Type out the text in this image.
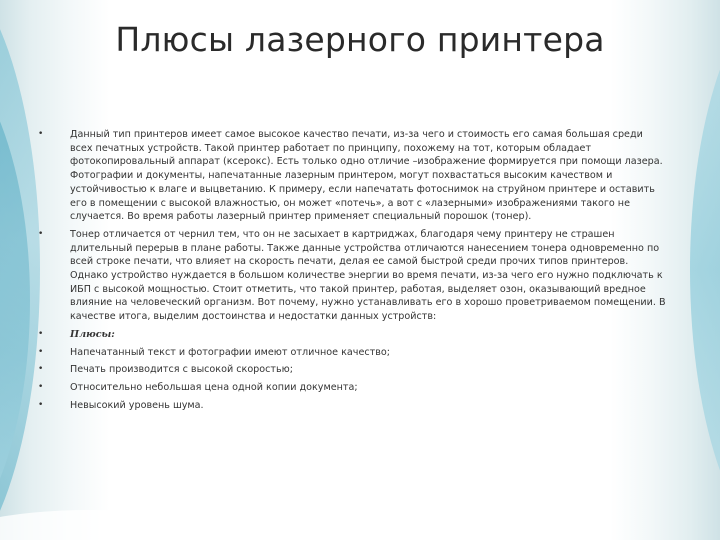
Плюсы лазерного принтера
•	Данный тип принтеров имеет самое высокое качество печати, из-за чего и стоимость его самая большая среди всех печатных устройств. Такой принтер работает по принципу, похожему на тот, которым обладает фотокопировальный аппарат (ксерокс). Есть только одно отличие –изображение формируется при помощи лазера. Фотографии и документы, напечатанные лазерным принтером, могут похвастаться высоким качеством и устойчивостью к влаге и выцветанию. К примеру, если напечатать фотоснимок на струйном принтере и оставить его в помещении с высокой влажностью, он может «потечь», а вот с «лазерными» изображениями такого не случается. Во время работы лазерный принтер применяет специальный порошок (тонер).
•	Тонер отличается от чернил тем, что он не засыхает в картриджах, благодаря чему принтеру не страшен длительный перерыв в плане работы. Также данные устройства отличаются нанесением тонера одновременно по всей строке печати, что влияет на скорость печати, делая ее самой быстрой среди прочих типов принтеров. Однако устройство нуждается в большом количестве энергии во время печати, из-за чего его нужно подключать к ИБП с высокой мощностью. Стоит отметить, что такой принтер, работая, выделяет озон, оказывающий вредное влияние на человеческий организм. Вот почему, нужно устанавливать его в хорошо проветриваемом помещении. В качестве итога, выделим достоинства и недостатки данных устройств:
•	Плюсы:
•	Напечатанный текст и фотографии имеют отличное качество;
•	Печать производится с высокой скоростью;
•	Относительно небольшая цена одной копии документа;
•	Невысокий уровень шума.
